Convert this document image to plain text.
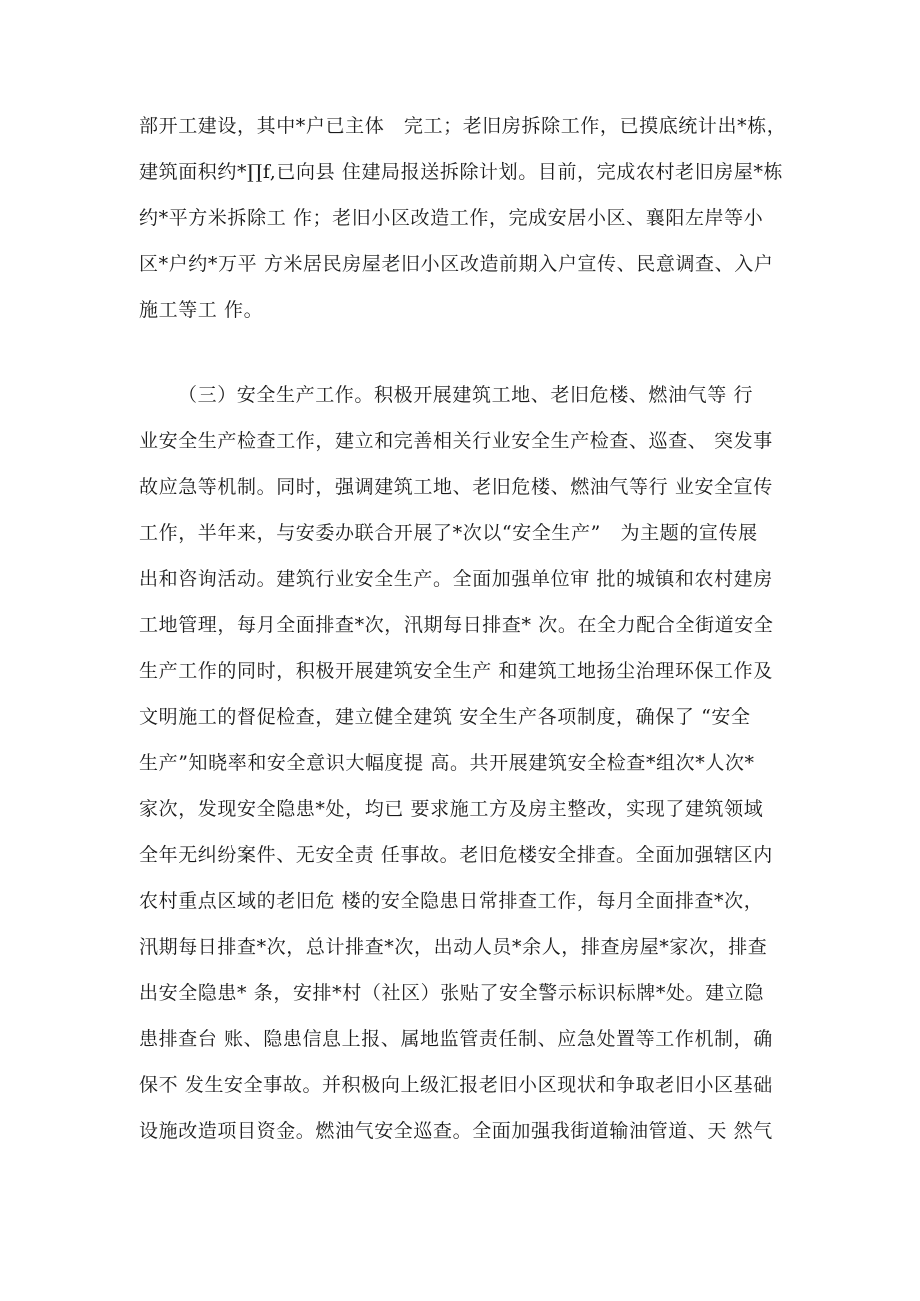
部开工建设，其中*户已主体　完工；老旧房拆除工作，已摸底统计出*栋，
建筑面积约*∏f,已向县 住建局报送拆除计划。目前，完成农村老旧房屋*栋
约*平方米拆除工 作；老旧小区改造工作，完成安居小区、襄阳左岸等小
区*户约*万平 方米居民房屋老旧小区改造前期入户宣传、民意调查、入户
施工等工 作。
（三）安全生产工作。积极开展建筑工地、老旧危楼、燃油气等 行
业安全生产检查工作，建立和完善相关行业安全生产检查、巡查、 突发事
故应急等机制。同时，强调建筑工地、老旧危楼、燃油气等行 业安全宣传
工作，半年来，与安委办联合开展了*次以“安全生产”　为主题的宣传展
出和咨询活动。建筑行业安全生产。全面加强单位审 批的城镇和农村建房
工地管理，每月全面排查*次，汛期每日排查* 次。在全力配合全街道安全
生产工作的同时，积极开展建筑安全生产 和建筑工地扬尘治理环保工作及
文明施工的督促检查，建立健全建筑 安全生产各项制度，确保了 “安全
生产”知晓率和安全意识大幅度提 高。共开展建筑安全检查*组次*人次*
家次，发现安全隐患*处，均已 要求施工方及房主整改，实现了建筑领域
全年无纠纷案件、无安全责 任事故。老旧危楼安全排查。全面加强辖区内
农村重点区域的老旧危 楼的安全隐患日常排查工作，每月全面排查*次，
汛期每日排查*次，总计排查*次，出动人员*余人，排查房屋*家次，排查
出安全隐患* 条，安排*村（社区）张贴了安全警示标识标牌*处。建立隐
患排查台 账、隐患信息上报、属地监管责任制、应急处置等工作机制，确
保不 发生安全事故。并积极向上级汇报老旧小区现状和争取老旧小区基础
设施改造项目资金。燃油气安全巡查。全面加强我街道输油管道、天 然气
